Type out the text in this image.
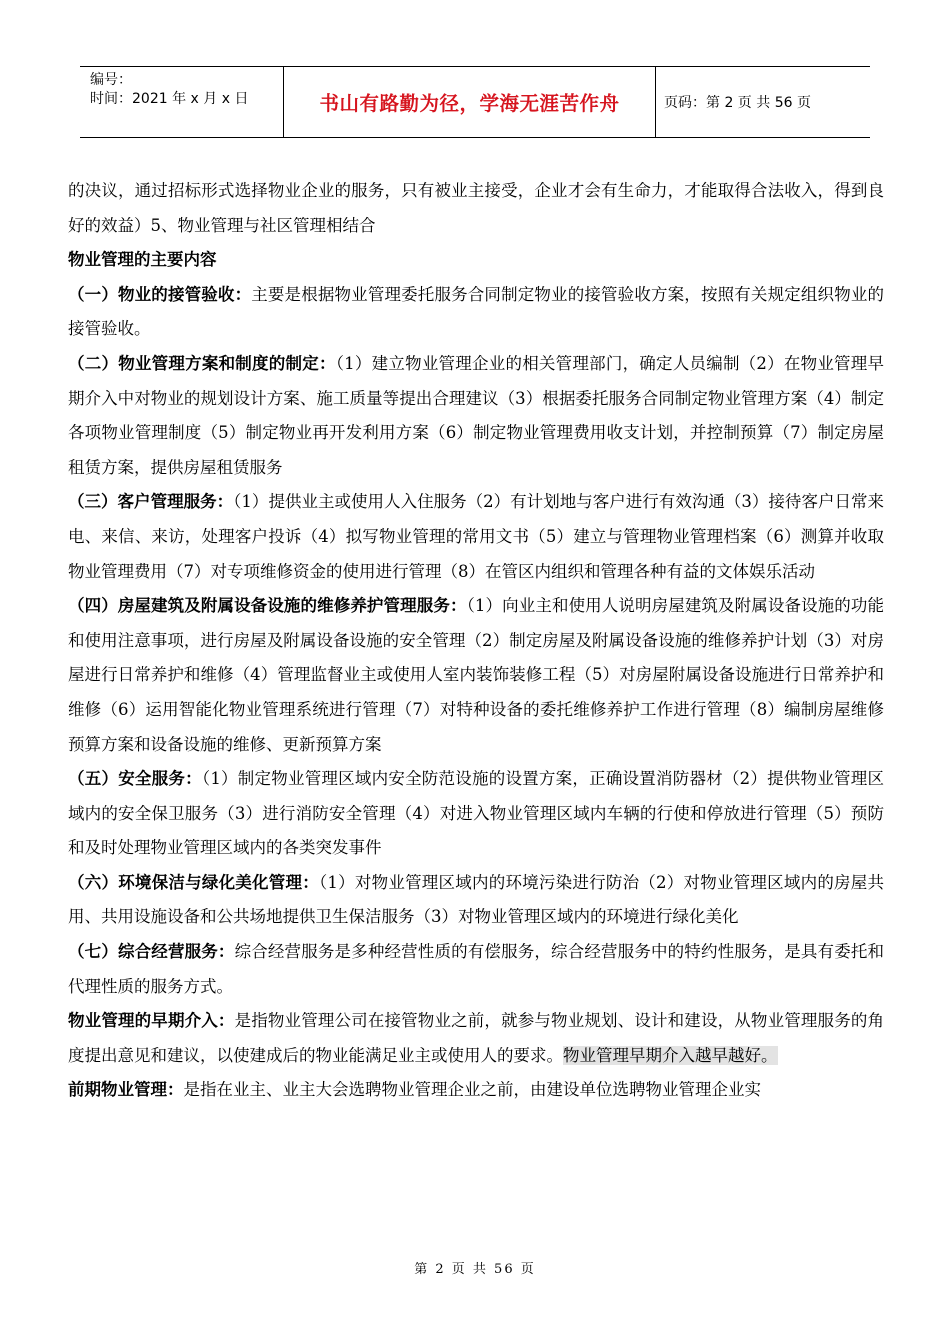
编号：
时间：2021 年 x 月 x 日	书山有路勤为径，学海无涯苦作舟	页码：第 2 页 共 56 页

的决议，通过招标形式选择物业企业的服务，只有被业主接受，企业才会有生命力，才能取得合法收入，得到良好的效益）5、物业管理与社区管理相结合

物业管理的主要内容

（一）物业的接管验收：主要是根据物业管理委托服务合同制定物业的接管验收方案，按照有关规定组织物业的接管验收。

（二）物业管理方案和制度的制定：（1）建立物业管理企业的相关管理部门，确定人员编制（2）在物业管理早期介入中对物业的规划设计方案、施工质量等提出合理建议（3）根据委托服务合同制定物业管理方案（4）制定各项物业管理制度（5）制定物业再开发利用方案（6）制定物业管理费用收支计划，并控制预算（7）制定房屋租赁方案，提供房屋租赁服务

（三）客户管理服务：（1）提供业主或使用人入住服务（2）有计划地与客户进行有效沟通（3）接待客户日常来电、来信、来访，处理客户投诉（4）拟写物业管理的常用文书（5）建立与管理物业管理档案（6）测算并收取物业管理费用（7）对专项维修资金的使用进行管理（8）在管区内组织和管理各种有益的文体娱乐活动

（四）房屋建筑及附属设备设施的维修养护管理服务：（1）向业主和使用人说明房屋建筑及附属设备设施的功能和使用注意事项，进行房屋及附属设备设施的安全管理（2）制定房屋及附属设备设施的维修养护计划（3）对房屋进行日常养护和维修（4）管理监督业主或使用人室内装饰装修工程（5）对房屋附属设备设施进行日常养护和维修（6）运用智能化物业管理系统进行管理（7）对特种设备的委托维修养护工作进行管理（8）编制房屋维修预算方案和设备设施的维修、更新预算方案

（五）安全服务：（1）制定物业管理区域内安全防范设施的设置方案，正确设置消防器材（2）提供物业管理区域内的安全保卫服务（3）进行消防安全管理（4）对进入物业管理区域内车辆的行使和停放进行管理（5）预防和及时处理物业管理区域内的各类突发事件

（六）环境保洁与绿化美化管理：（1）对物业管理区域内的环境污染进行防治（2）对物业管理区域内的房屋共用、共用设施设备和公共场地提供卫生保洁服务（3）对物业管理区域内的环境进行绿化美化

（七）综合经营服务：综合经营服务是多种经营性质的有偿服务，综合经营服务中的特约性服务，是具有委托和代理性质的服务方式。

物业管理的早期介入：是指物业管理公司在接管物业之前，就参与物业规划、设计和建设，从物业管理服务的角度提出意见和建议，以使建成后的物业能满足业主或使用人的要求。物业管理早期介入越早越好。

前期物业管理：是指在业主、业主大会选聘物业管理企业之前，由建设单位选聘物业管理企业实

第 2 页 共 56 页
